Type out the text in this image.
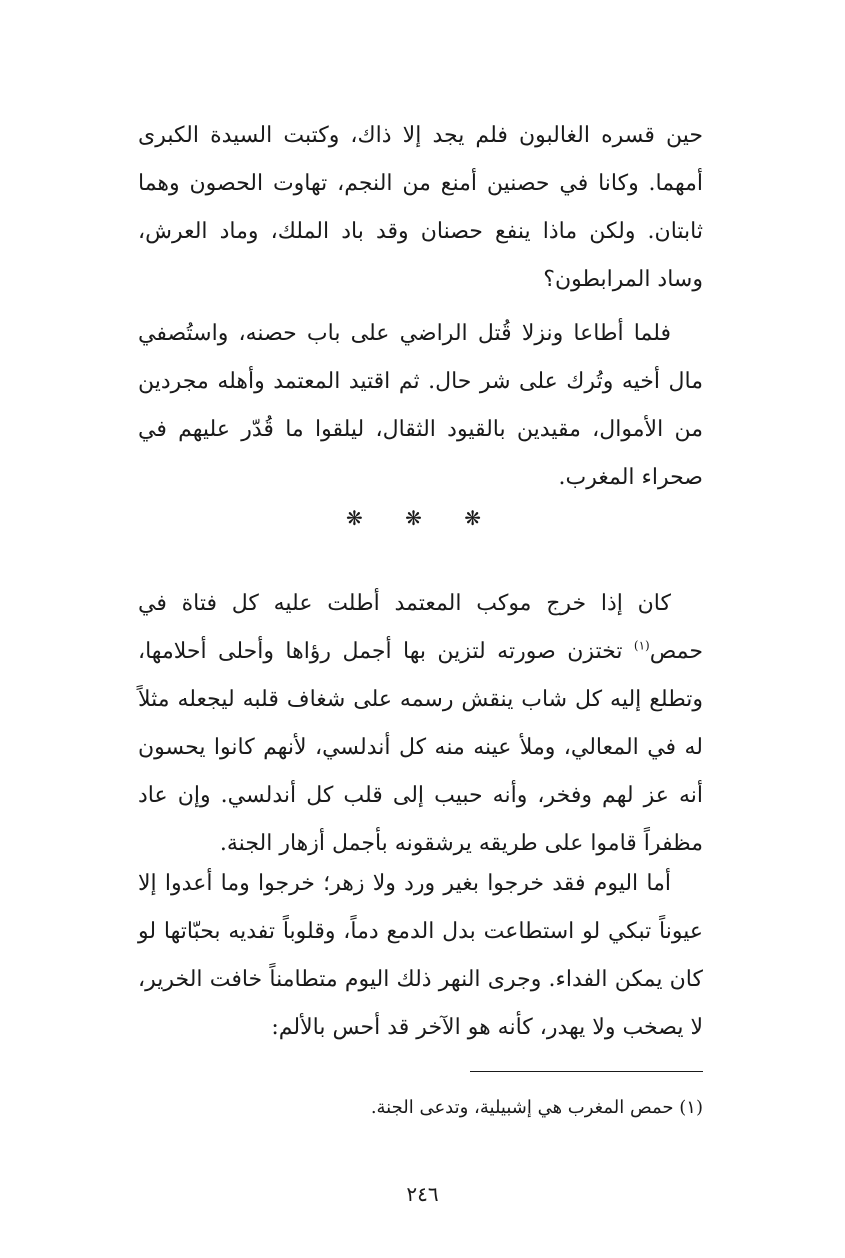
حين قسره الغالبون فلم يجد إلا ذاك، وكتبت السيدة الكبرى أمهما. وكانا في حصنين أمنع من النجم، تهاوت الحصون وهما ثابتان. ولكن ماذا ينفع حصنان وقد باد الملك، وماد العرش، وساد المرابطون؟

فلما أطاعا ونزلا قُتل الراضي على باب حصنه، واستُصفي مال أخيه وتُرك على شر حال. ثم اقتيد المعتمد وأهله مجردين من الأموال، مقيدين بالقيود الثقال، ليلقوا ما قُدّر عليهم في صحراء المغرب.

❋ ❋ ❋

كان إذا خرج موكب المعتمد أطلت عليه كل فتاة في حمص$^{(١)}$ تختزن صورته لتزين بها أجمل رؤاها وأحلى أحلامها، وتطلع إليه كل شاب ينقش رسمه على شغاف قلبه ليجعله مثلاً له في المعالي، وملأ عينه منه كل أندلسي، لأنهم كانوا يحسون أنه عز لهم وفخر، وأنه حبيب إلى قلب كل أندلسي. وإن عاد مظفراً قاموا على طريقه يرشقونه بأجمل أزهار الجنة.

أما اليوم فقد خرجوا بغير ورد ولا زهر؛ خرجوا وما أعدوا إلا عيوناً تبكي لو استطاعت بدل الدمع دماً، وقلوباً تفديه بحبّاتها لو كان يمكن الفداء. وجرى النهر ذلك اليوم متطامناً خافت الخرير، لا يصخب ولا يهدر، كأنه هو الآخر قد أحس بالألم:

(١) حمص المغرب هي إشبيلية، وتدعى الجنة.
٢٤٦
